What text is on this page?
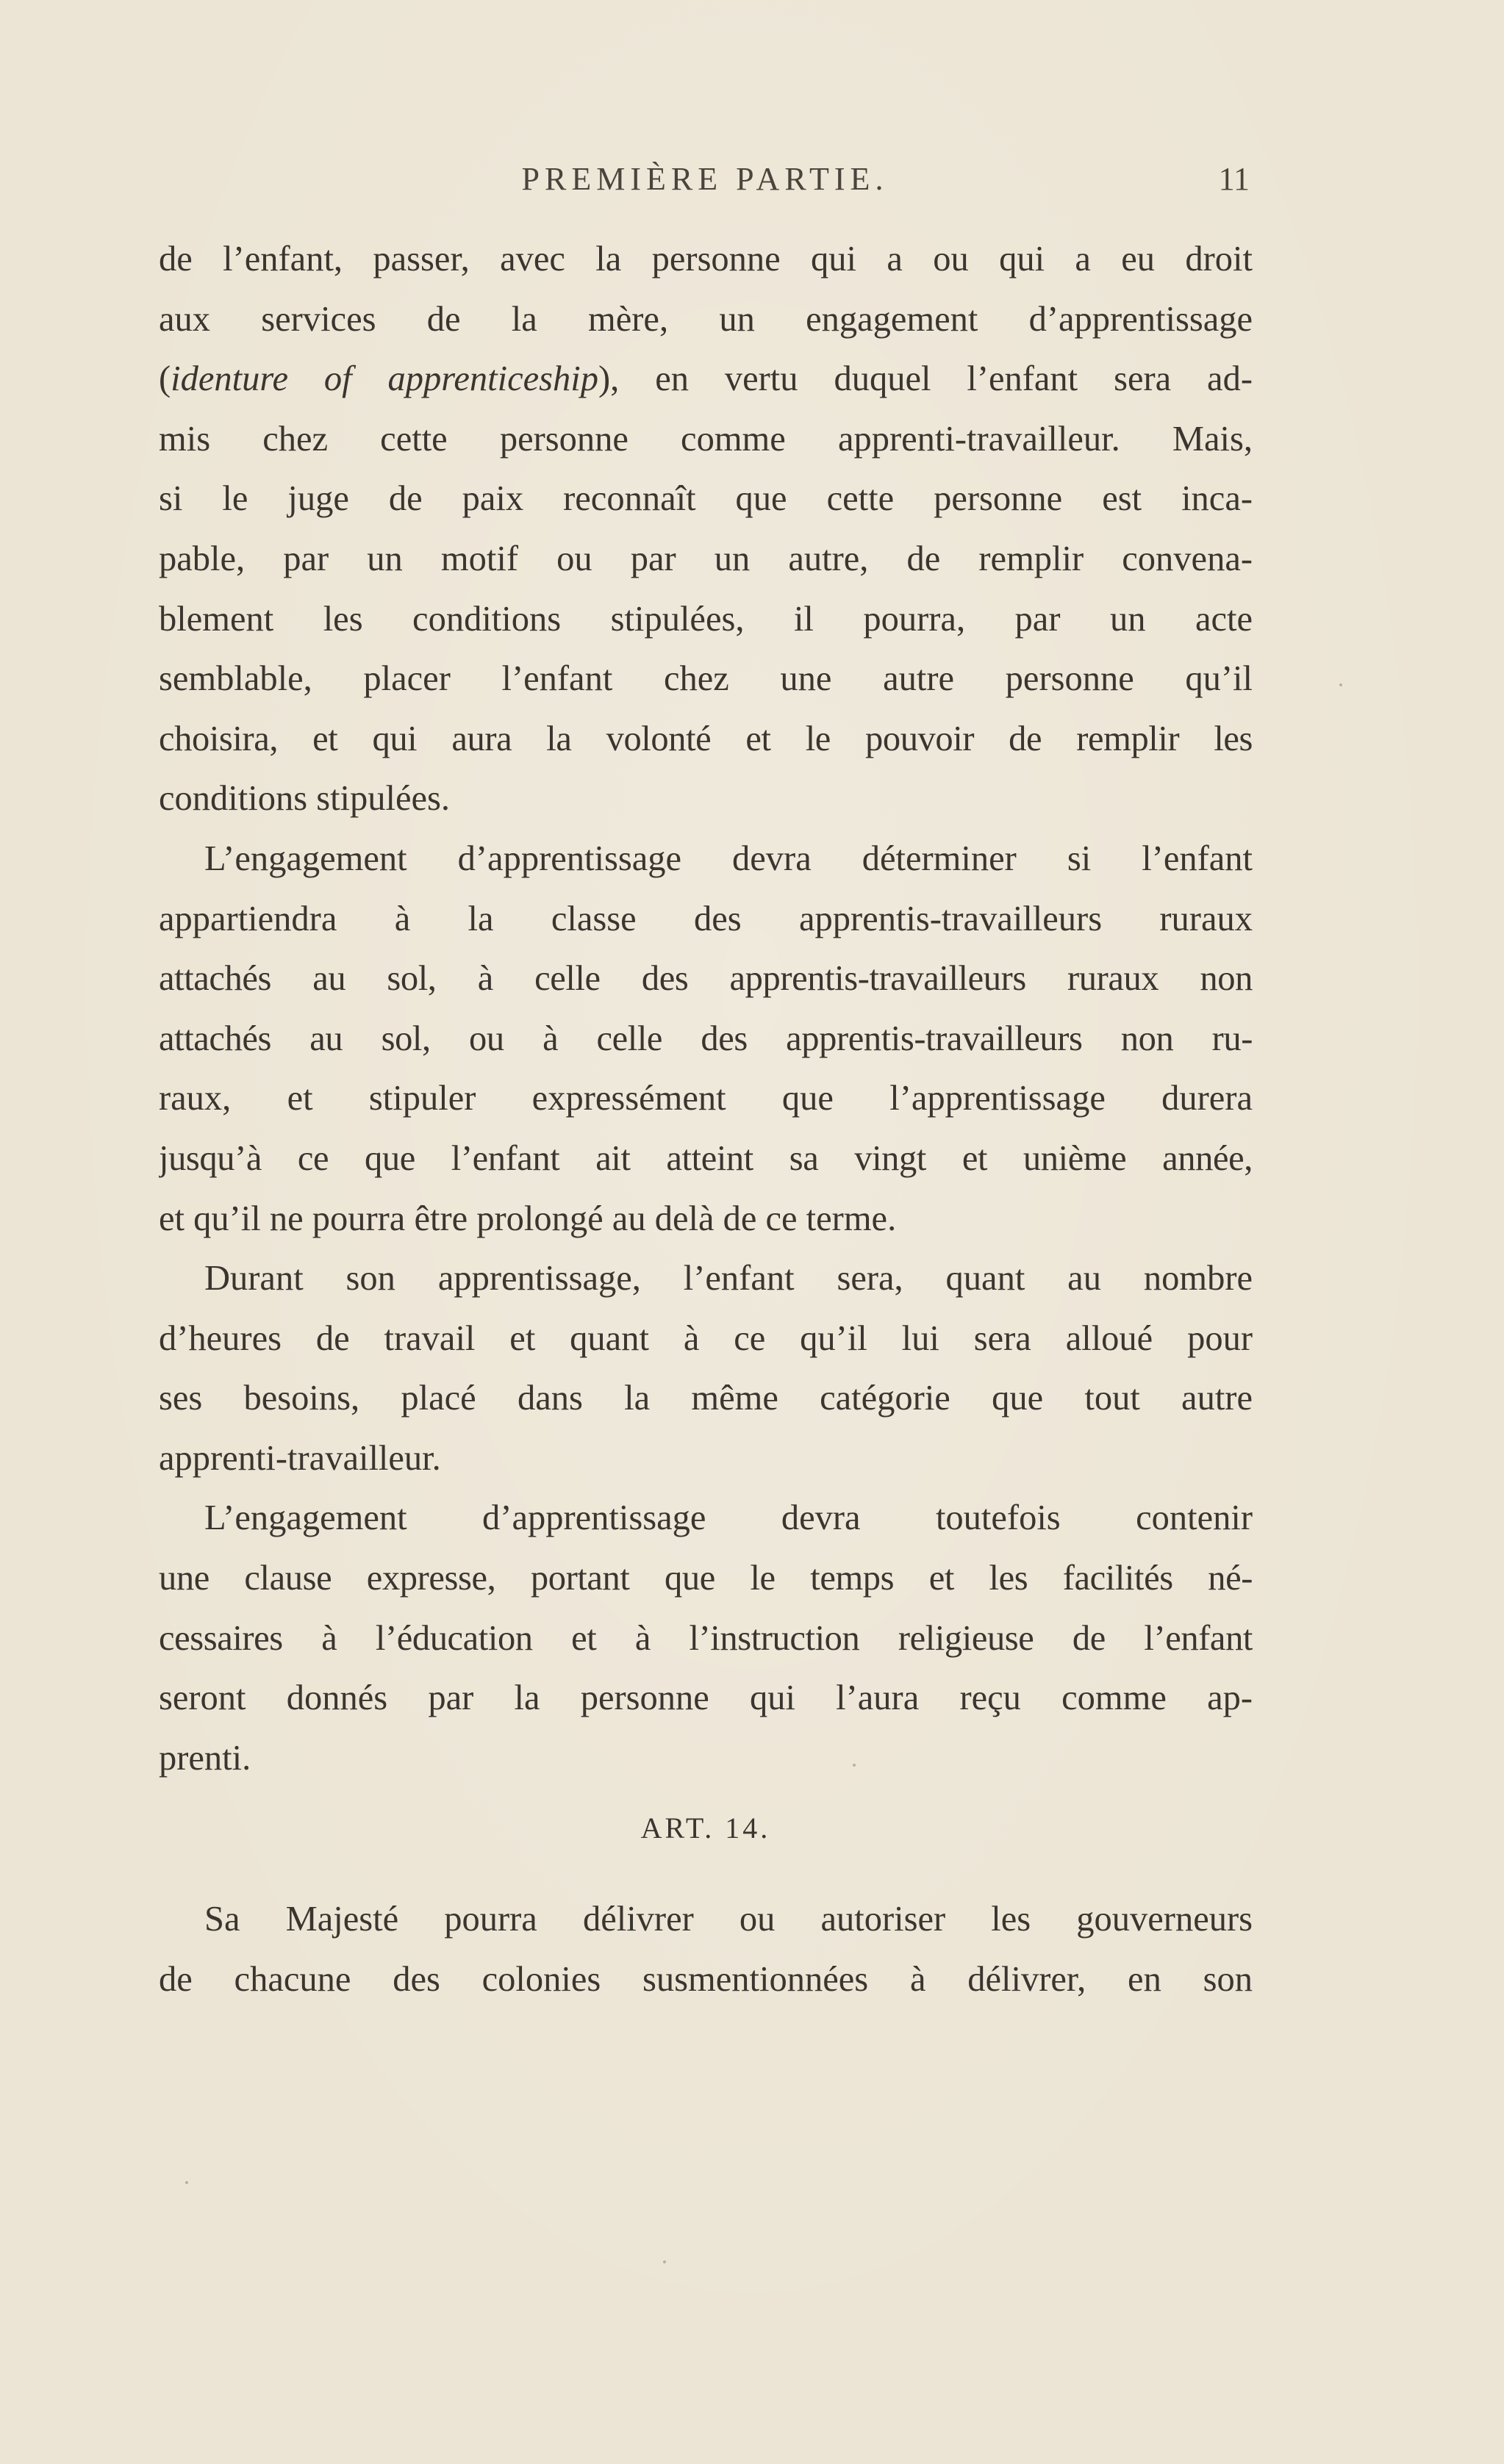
PREMIÈRE PARTIE.	11
de l’enfant, passer, avec la personne qui a ou qui a eu droit
aux services de la mère, un engagement d’apprentissage
(identure of apprenticeship), en vertu duquel l’enfant sera ad-
mis chez cette personne comme apprenti-travailleur. Mais,
si le juge de paix reconnaît que cette personne est inca-
pable, par un motif ou par un autre, de remplir convena-
blement les conditions stipulées, il pourra, par un acte
semblable, placer l’enfant chez une autre personne qu’il
choisira, et qui aura la volonté et le pouvoir de remplir les
conditions stipulées.
L’engagement d’apprentissage devra déterminer si l’enfant
appartiendra à la classe des apprentis-travailleurs ruraux
attachés au sol, à celle des apprentis-travailleurs ruraux non
attachés au sol, ou à celle des apprentis-travailleurs non ru-
raux, et stipuler expressément que l’apprentissage durera
jusqu’à ce que l’enfant ait atteint sa vingt et unième année,
et qu’il ne pourra être prolongé au delà de ce terme.
Durant son apprentissage, l’enfant sera, quant au nombre
d’heures de travail et quant à ce qu’il lui sera alloué pour
ses besoins, placé dans la même catégorie que tout autre
apprenti-travailleur.
L’engagement d’apprentissage devra toutefois contenir
une clause expresse, portant que le temps et les facilités né-
cessaires à l’éducation et à l’instruction religieuse de l’enfant
seront donnés par la personne qui l’aura reçu comme ap-
prenti.
ART. 14.
Sa Majesté pourra délivrer ou autoriser les gouverneurs
de chacune des colonies susmentionnées à délivrer, en son
